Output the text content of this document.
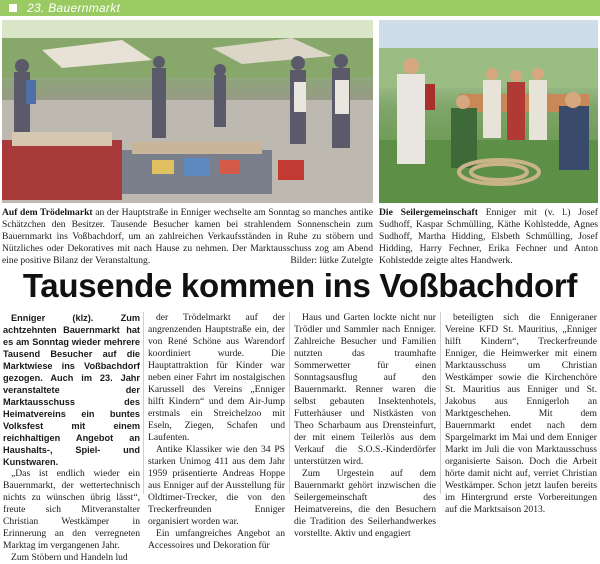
23. Bauernmarkt
Auf dem Trödelmarkt an der Hauptstraße in Enniger wechselte am Sonntag so manches antike Schätzchen den Besitzer. Tausende Besucher kamen bei strahlendem Sonnenschein zum Bauernmarkt ins Voßbachdorf, um an zahlreichen Verkaufsständen in Ruhe zu stöbern und Nützliches oder Dekoratives mit nach Hause zu nehmen. Der Marktausschuss zog am Abend eine positive Bilanz der Veranstaltung.	Bilder: lütke Zutelgte
Die Seilergemeinschaft Enniger mit (v. l.) Josef Sudhoff, Kaspar Schmülling, Käthe Kohlstedde, Agnes Sudhoff, Martha Hidding, Elsbeth Schmülling, Josef Hidding, Harry Fechner, Erika Fechner und Anton Kohlstedde zeigte altes Handwerk.
Tausende kommen ins Voßbachdorf

Enniger (klz). Zum achtzehnten Bauernmarkt hat es am Sonntag wieder mehrere Tausend Besucher auf die Marktwiese ins Voßbachdorf gezogen. Auch im 23. Jahr veranstaltete der Marktausschuss des Heimatvereins ein buntes Volksfest mit einem reichhaltigen Angebot an Haushalts-, Spiel- und Kunstwaren.

„Das ist endlich wieder ein Bauernmarkt, der wettertechnisch nichts zu wünschen übrig lässt“, freute sich Mitveranstalter Christian Westkämper in Erinnerung an den verregneten Marktag im vergangenen Jahr.

Zum Stöbern und Handeln lud

der Trödelmarkt auf der angrenzenden Hauptstraße ein, der von René Schöne aus Warendorf koordiniert wurde. Die Hauptattraktion für Kinder war neben einer Fahrt im nostalgischen Karussell des Vereins „Enniger hilft Kindern“ und dem Air-Jump erstmals ein Streichelzoo mit Eseln, Ziegen, Schafen und Laufenten.

Antike Klassiker wie den 34 PS starken Unimog 411 aus dem Jahr 1959 präsentierte Andreas Hoppe aus Enniger auf der Ausstellung für Oldtimer-Trecker, die von den Treckerfreunden Enniger organisiert worden war.

Ein umfangreiches Angebot an Accessoires und Dekoration für

Haus und Garten lockte nicht nur Trödler und Sammler nach Enniger. Zahlreiche Besucher und Familien nutzten das traumhafte Sommerwetter für einen Sonntagsausflug auf den Bauernmarkt. Renner waren die selbst gebauten Insektenhotels, Futterhäuser und Nistkästen von Theo Scharbaum aus Drensteinfurt, der mit einem Teilerlös aus dem Verkauf die S.O.S.-Kinderdörfer unterstützen wird.

Zum Urgestein auf dem Bauernmarkt gehört inzwischen die Seilergemeinschaft des Heimatvereins, die den Besuchern die Tradition des Seilerhandwerkes vorstellte. Aktiv und engagiert

beteiligten sich die Ennigeraner Vereine KFD St. Mauritius, „Enniger hilft Kindern“, Treckerfreunde Enniger, die Heimwerker mit einem Marktausschuss um Christian Westkämper sowie die Kirchenchöre St. Mauritius aus Enniger und St. Jakobus aus Ennigerloh an Marktgeschehen. Mit dem Bauernmarkt endet nach dem Spargelmarkt im Mai und dem Enniger Markt im Juli die von Marktausschuss organisierte Saison. Doch die Arbeit hörte damit nicht auf, verriet Christian Westkämper. Schon jetzt laufen bereits im Hintergrund erste Vorbereitungen auf die Marktsaison 2013.
